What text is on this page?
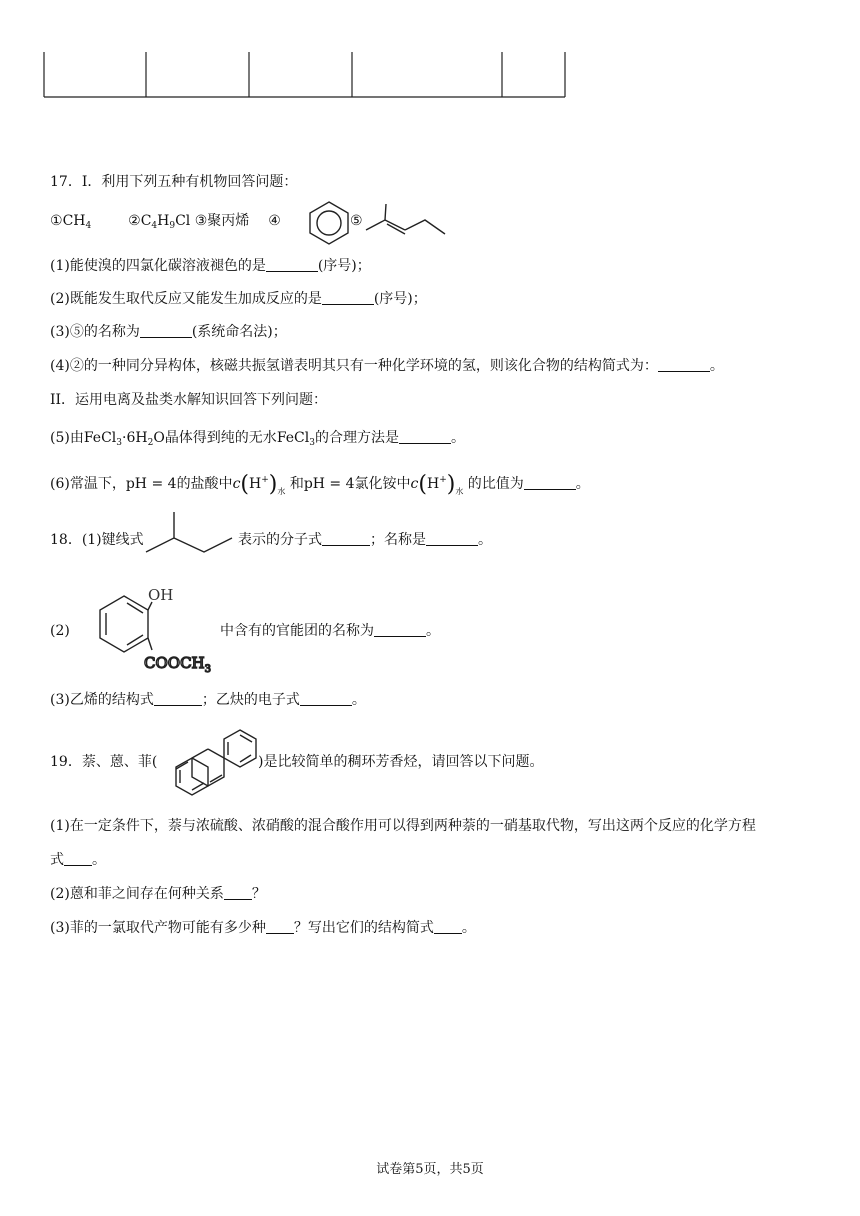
17．I．利用下列五种有机物回答问题：
$①CH_4$	$②C_4H_9Cl$ ③聚丙烯 ④	⑤
(1)能使溴的四氯化碳溶液褪色的是	(序号)；
(2)既能发生取代反应又能发生加成反应的是	(序号)；
(3)⑤的名称为	(系统命名法)；
(4)②的一种同分异构体，核磁共振氢谱表明其只有一种化学环境的氢，则该化合物的结构简式为：	。
II．运用电离及盐类水解知识回答下列问题：
(5)由$FeCl_3\cdot 6H_2O$晶体得到纯的无水FeCl$_3$的合理方法是	。
(6)常温下，pH = 4的盐酸中$c(H^+)_水$ 和pH = 4氯化铵中$c(H^+)_水$ 的比值为	。
18．(1)键线式	表示的分子式	；名称是	。
(2)
OH
$COOCH_3$
中含有的官能团的名称为	。
(3)乙烯的结构式	；乙炔的电子式	。
19．萘、蒽、菲(	)是比较简单的稠环芳香烃，请回答以下问题。
(1)在一定条件下，萘与浓硫酸、浓硝酸的混合酸作用可以得到两种萘的一硝基取代物，写出这两个反应的化学方程
式 。
(2)蒽和菲之间存在何种关系 ？
(3)菲的一氯取代产物可能有多少种 ？写出它们的结构简式 。
试卷第5页，共5页
